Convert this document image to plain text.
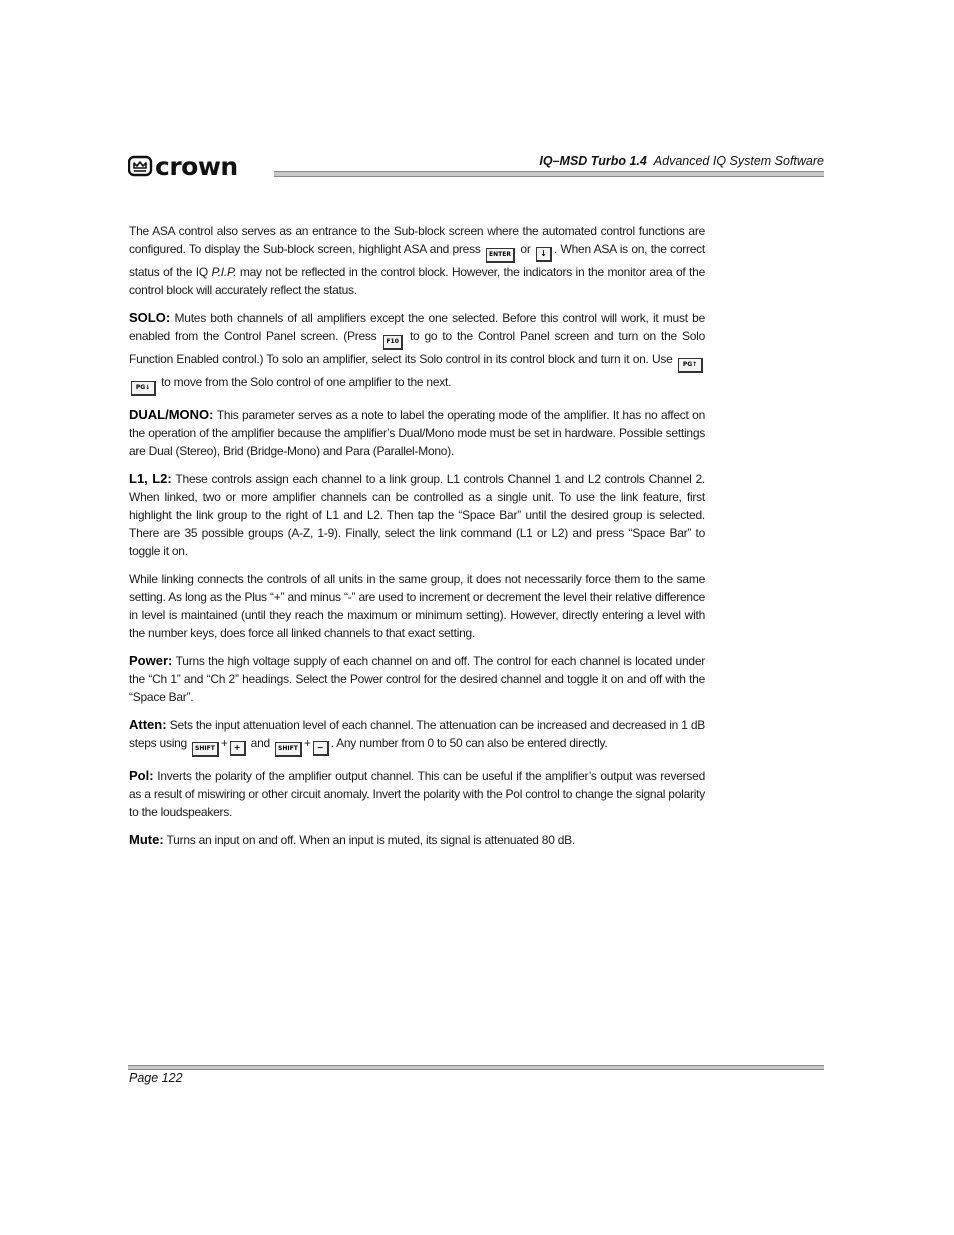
crown	IQ–MSD Turbo 1.4 Advanced IQ System Software

The ASA control also serves as an entrance to the Sub-block screen where the automated control functions are configured. To display the Sub-block screen, highlight ASA and press ENTER or ↓ . When ASA is on, the correct status of the IQ P.I.P. may not be reflected in the control block. However, the indicators in the monitor area of the control block will accurately reflect the status.

SOLO: Mutes both channels of all amplifiers except the one selected. Before this control will work, it must be enabled from the Control Panel screen. (Press F10 to go to the Control Panel screen and turn on the Solo Function Enabled control.) To solo an amplifier, select its Solo control in its control block and turn it on. Use PG↑ PG↓ to move from the Solo control of one amplifier to the next.

DUAL/MONO: This parameter serves as a note to label the operating mode of the amplifier. It has no affect on the operation of the amplifier because the amplifier’s Dual/Mono mode must be set in hardware. Possible settings are Dual (Stereo), Brid (Bridge-Mono) and Para (Parallel-Mono).

L1, L2: These controls assign each channel to a link group. L1 controls Channel 1 and L2 controls Channel 2. When linked, two or more amplifier channels can be controlled as a single unit. To use the link feature, first highlight the link group to the right of L1 and L2. Then tap the “Space Bar” until the desired group is selected. There are 35 possible groups (A-Z, 1-9). Finally, select the link command (L1 or L2) and press “Space Bar” to toggle it on.

While linking connects the controls of all units in the same group, it does not necessarily force them to the same setting. As long as the Plus “+” and minus “-” are used to increment or decrement the level their relative difference in level is maintained (until they reach the maximum or minimum setting). However, directly entering a level with the number keys, does force all linked channels to that exact setting.

Power: Turns the high voltage supply of each channel on and off. The control for each channel is located under the “Ch 1” and “Ch 2” headings. Select the Power control for the desired channel and toggle it on and off with the “Space Bar”.

Atten: Sets the input attenuation level of each channel. The attenuation can be increased and decreased in 1 dB steps using SHIFT + + and SHIFT + − . Any number from 0 to 50 can also be entered directly.

Pol: Inverts the polarity of the amplifier output channel. This can be useful if the amplifier’s output was reversed as a result of miswiring or other circuit anomaly. Invert the polarity with the Pol control to change the signal polarity to the loudspeakers.

Mute: Turns an input on and off. When an input is muted, its signal is attenuated 80 dB.

Page 122
